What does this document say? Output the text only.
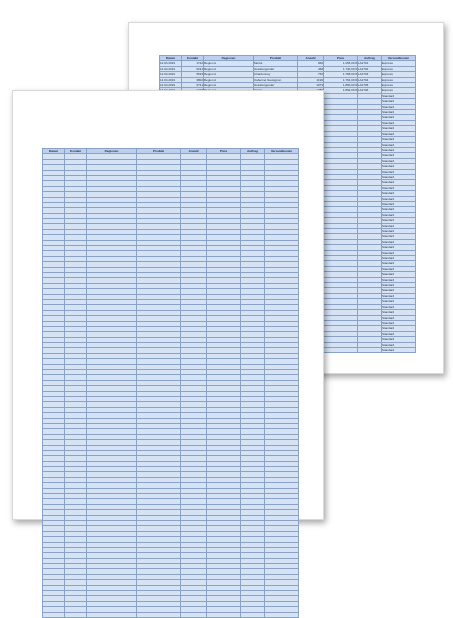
Datum	Kontakt	Regionen	Produkt	Anzahl	Preis	Auftrag	Versandkosten
12.04.2019	1742	Region A	Merlot	960	1.256,00 €	LA2701	Express
12.04.2019	6231	Region A	Grauburgunder	468	1.740,00 €	LA2702	Express
12.04.2019	9533	Region A	Chardonnay	756	1.768,00 €	LA2703	Express
12.04.2019	3802	Region A	Cabernet Sauvignon	1190	1.764,00 €	LA2704	Express
12.04.2019	5741	Region A	Grauburgunder	1973	1.860,00 €	LA2705	Express
					1.892,00 €	LA2706	Express
							Standard
							Standard
							Standard
							Standard
							Standard
							Standard
							Standard
							Standard
							Standard
							Standard
							Standard
							Standard
							Standard
							Standard
							Standard
							Standard
							Standard
							Standard
							Standard
							Standard
							Standard
							Standard
							Standard
							Standard
							Standard
							Standard
							Standard
							Standard
							Standard
							Standard
							Standard
							Standard
							Standard
							Standard
							Standard
							Standard
							Standard
							Standard
							Standard
							Standard
							Standard
							Standard
							Standard
							Standard
							Standard
							Standard
							Standard
							Standard
Datum	Kontakt	Regionen	Produkt	Anzahl	Preis	Auftrag	Versandkosten
